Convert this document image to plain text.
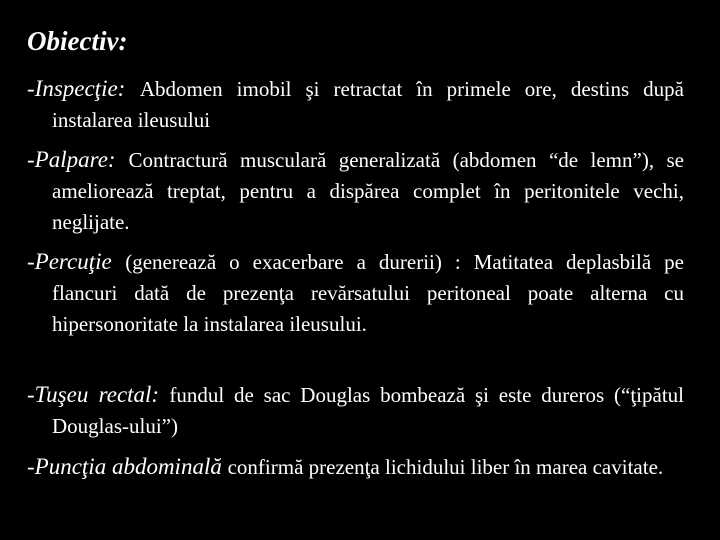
Obiectiv:

-Inspecţie: Abdomen imobil şi retractat în primele ore, destins după instalarea ileusului

-Palpare: Contractură musculară generalizată (abdomen “de lemn”), se ameliorează treptat, pentru a dispărea complet în peritonitele vechi, neglijate.

-Percuţie (generează o exacerbare a durerii) : Matitatea deplasbilă pe flancuri dată de prezenţa revărsatului peritoneal poate alterna cu hipersonoritate la instalarea ileusului.

-Tuşeu rectal: fundul de sac Douglas bombează şi este dureros (“ţipătul Douglas-ului”)

-Puncţia abdominală confirmă prezenţa lichidului liber în marea cavitate.
